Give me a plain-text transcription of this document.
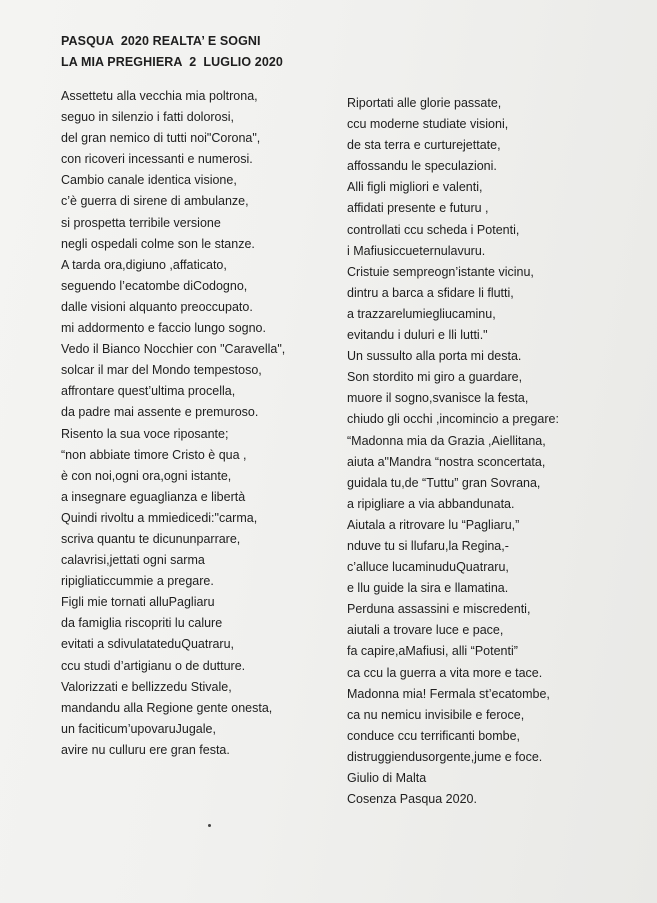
PASQUA  2020 REALTA’ E SOGNI
LA MIA PREGHIERA  2  LUGLIO 2020
Assettetu alla vecchia mia poltrona,
seguo in silenzio i fatti dolorosi,
del gran nemico di tutti noi"Corona",
con ricoveri incessanti e numerosi.
Cambio canale identica visione,
c’è guerra di sirene di ambulanze,
si prospetta terribile versione
negli ospedali colme son le stanze.
A tarda ora,digiuno ,affaticato,
seguendo l’ecatombe diCodogno,
dalle visioni alquanto preoccupato.
mi addormento e faccio lungo sogno.
Vedo il Bianco Nocchier con "Caravella",
solcar il mar del Mondo tempestoso,
affrontare quest’ultima procella,
da padre mai assente e premuroso.
Risento la sua voce riposante;
“non abbiate timore Cristo è qua ,
è con noi,ogni ora,ogni istante,
a insegnare eguaglianza e libertà
Quindi rivoltu a mmiedicedi:"carma,
scriva quantu te dicununparrare,
calavrisi,jettati ogni sarma
ripigliaticcummie a pregare.
Figli mie tornati alluPagliaru
da famiglia riscopriti lu calure
evitati a sdivulatateduQuatraru,
ccu studi d’artigianu o de dutture.
Valorizzati e bellizzedu Stivale,
mandandu alla Regione gente onesta,
un faciticum’upovaruJugale,
avire nu culluru ere gran festa.
Riportati alle glorie passate,
ccu moderne studiate visioni,
de sta terra e curturejettate,
affossandu le speculazioni.
Alli figli migliori e valenti,
affidati presente e futuru ,
controllati ccu scheda i Potenti,
i Mafiusiccueternulavuru.
Cristuie sempreogn’istante vicinu,
dintru a barca a sfidare li flutti,
a trazzarelumiegliucaminu,
evitandu i duluri e lli lutti."
Un sussulto alla porta mi desta.
Son stordito mi giro a guardare,
muore il sogno,svanisce la festa,
chiudo gli occhi ,incomincio a pregare:
“Madonna mia da Grazia ,Aiellitana,
aiuta a"Mandra “nostra sconcertata,
guidala tu,de “Tuttu” gran Sovrana,
a ripigliare a via abbandunata.
Aiutala a ritrovare lu “Pagliaru,”
nduve tu si llufaru,la Regina,-
c’alluce lucaminuduQuatraru,
e llu guide la sira e llamatina.
Perduna assassini e miscredenti,
aiutali a trovare luce e pace,
fa capire,aMafiusi, alli “Potenti”
ca ccu la guerra a vita more e tace.
Madonna mia! Fermala st’ecatombe,
ca nu nemicu invisibile e feroce,
conduce ccu terrificanti bombe,
distruggiendusorgente,jume e foce.
Giulio di Malta
Cosenza Pasqua 2020.
